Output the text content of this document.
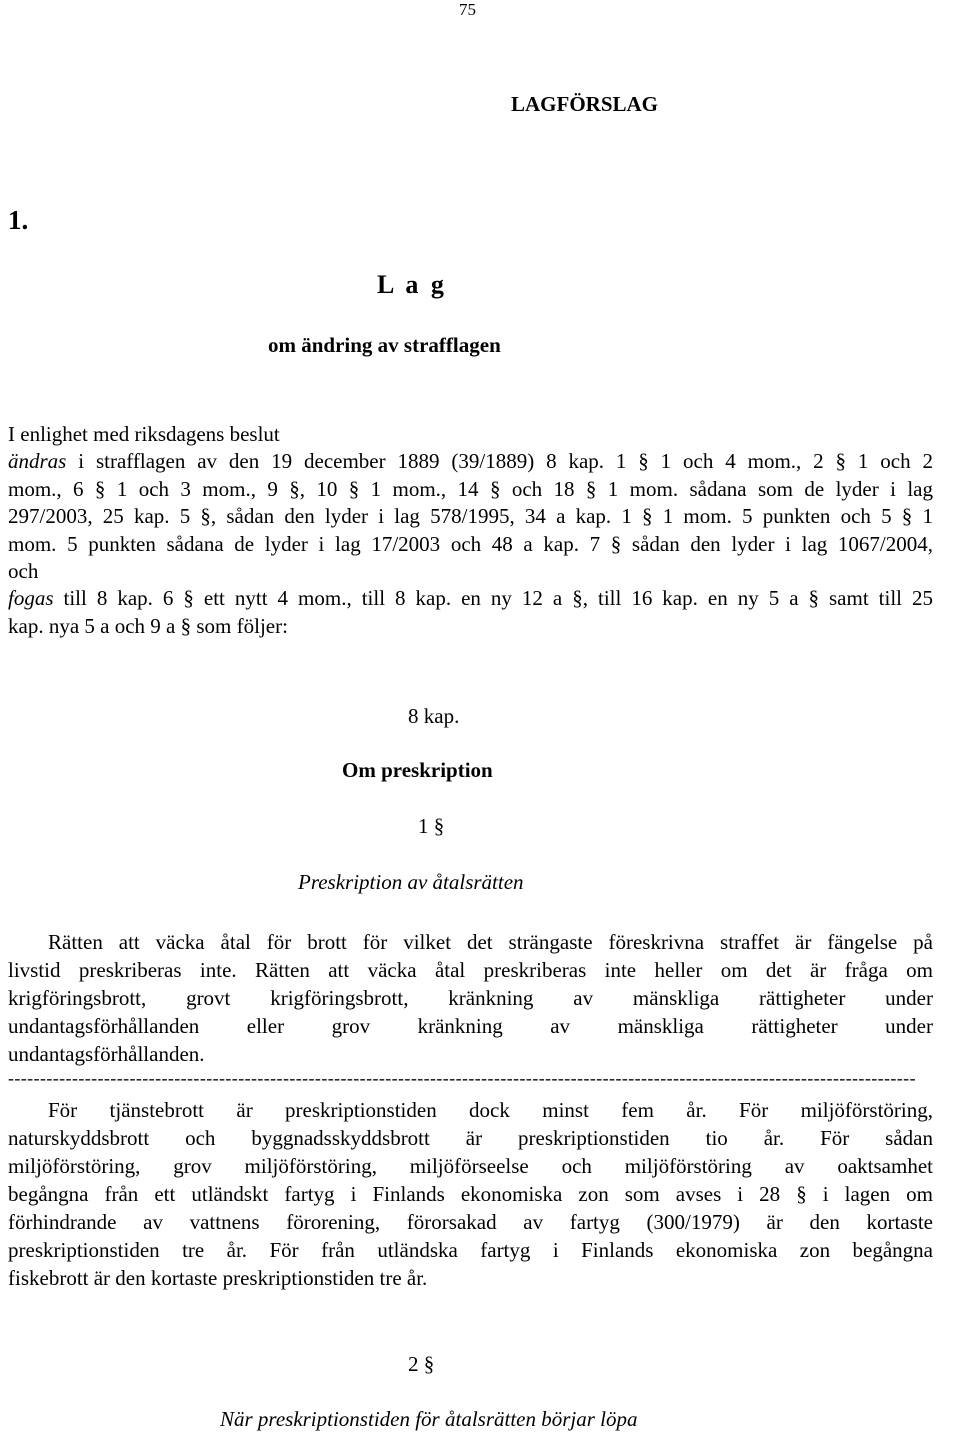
75
LAGFÖRSLAG
1.
L a g
om ändring av strafflagen
I enlighet med riksdagens beslut
ändras i strafflagen av den 19 december 1889 (39/1889) 8 kap. 1 § 1 och 4 mom., 2 § 1 och 2
mom., 6 § 1 och 3 mom., 9 §, 10 § 1 mom., 14 § och 18 § 1 mom. sådana som de lyder i lag
297/2003, 25 kap. 5 §, sådan den lyder i lag 578/1995, 34 a kap. 1 § 1 mom. 5 punkten och 5 § 1
mom. 5 punkten sådana de lyder i lag 17/2003 och 48 a kap. 7 § sådan den lyder i lag 1067/2004,
och
fogas till 8 kap. 6 § ett nytt 4 mom., till 8 kap. en ny 12 a §, till 16 kap. en ny 5 a § samt till 25
kap. nya 5 a och 9 a § som följer:
8 kap.
Om preskription
1 §
Preskription av åtalsrätten
Rätten att väcka åtal för brott för vilket det strängaste föreskrivna straffet är fängelse på
livstid preskriberas inte. Rätten att väcka åtal preskriberas inte heller om det är fråga om
krigföringsbrott, grovt krigföringsbrott, kränkning av mänskliga rättigheter under
undantagsförhållanden eller grov kränkning av mänskliga rättigheter under
undantagsförhållanden.
----------------------------------------------------------------------------------------------------------------------------------------------
För tjänstebrott är preskriptionstiden dock minst fem år. För miljöförstöring,
naturskyddsbrott och byggnadsskyddsbrott är preskriptionstiden tio år. För sådan
miljöförstöring, grov miljöförstöring, miljöförseelse och miljöförstöring av oaktsamhet
begångna från ett utländskt fartyg i Finlands ekonomiska zon som avses i 28 § i lagen om
förhindrande av vattnens förorening, förorsakad av fartyg (300/1979) är den kortaste
preskriptionstiden tre år. För från utländska fartyg i Finlands ekonomiska zon begångna
fiskebrott är den kortaste preskriptionstiden tre år.
2 §
När preskriptionstiden för åtalsrätten börjar löpa
